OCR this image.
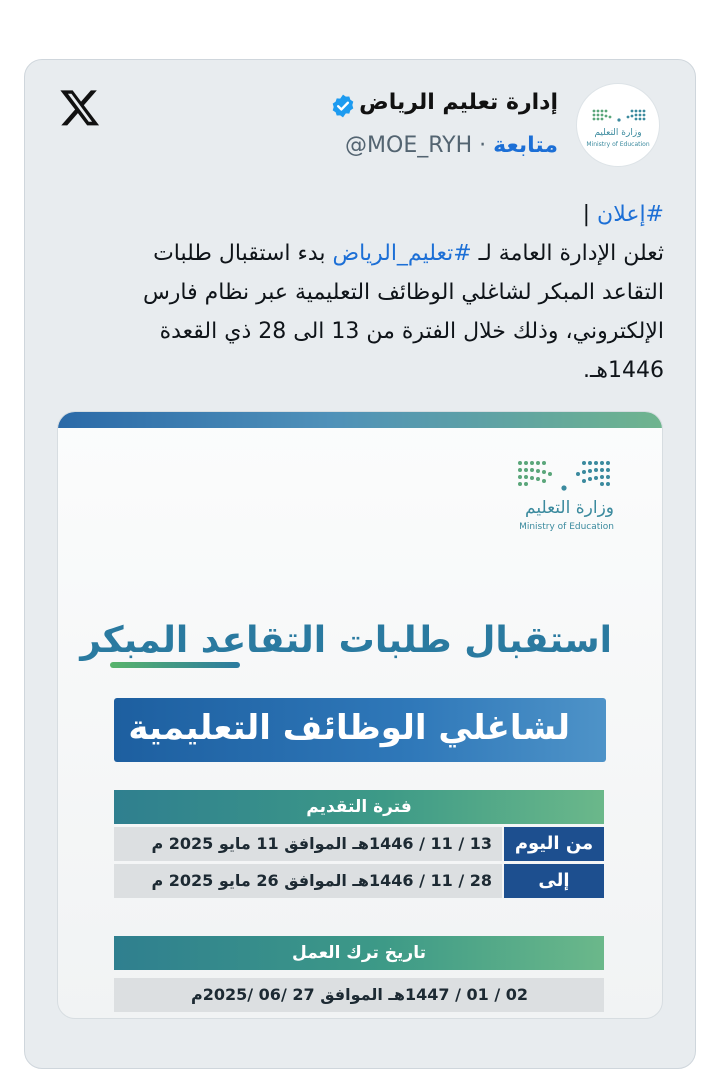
وزارة التعليم
Ministry of Education
إدارة تعليم الرياض
@MOE_RYH · متابعة
#إعلان |
ثعلن الإدارة العامة لـ #تعليم_الرياض بدء استقبال طلبات التقاعد المبكر لشاغلي الوظائف التعليمية عبر نظام فارس الإلكتروني، وذلك خلال الفترة من 13 الى 28 ذي القعدة 1446هـ.
وزارة التعليم
Ministry of Education
استقبال طلبات التقاعد المبكر
لشاغلي الوظائف التعليمية
فترة التقديم
13 / 11 / 1446هـ الموافق 11 مايو 2025 م	من اليوم
28 / 11 / 1446هـ الموافق 26 مايو 2025 م	إلى
تاريخ ترك العمل
02 / 01 / 1447هـ الموافق 27 /06 /2025م
